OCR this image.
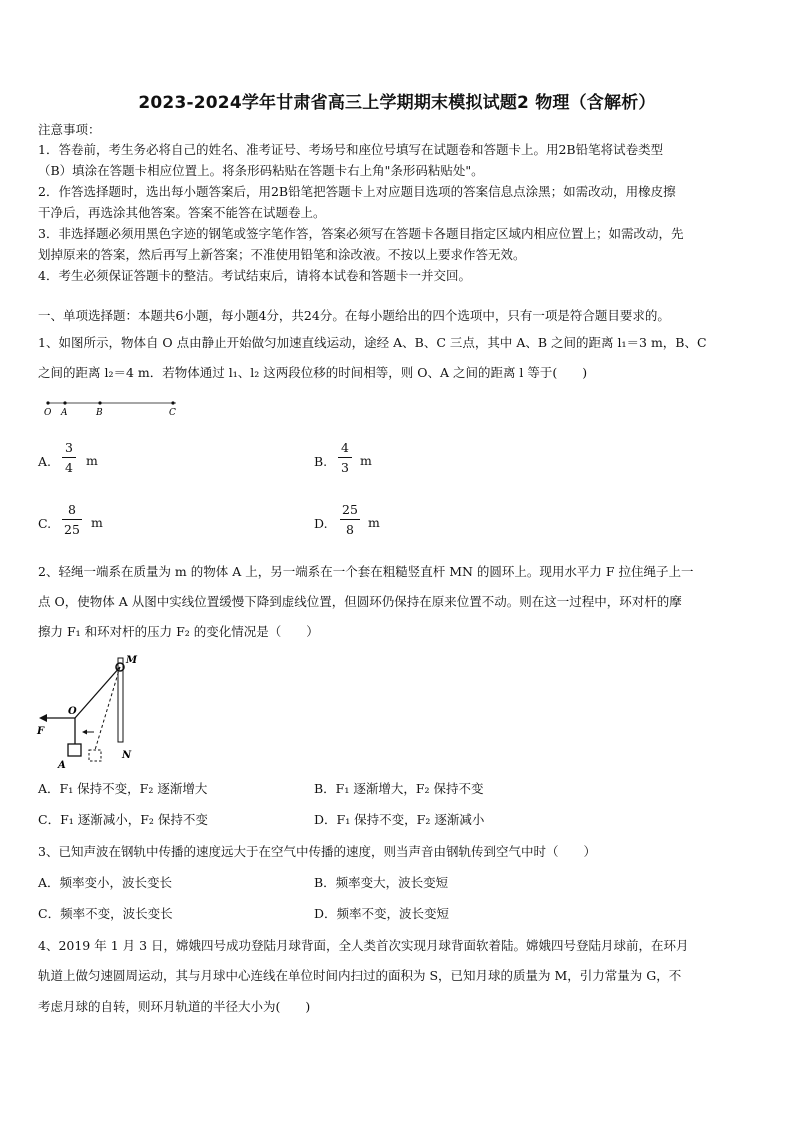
2023-2024学年甘肃省高三上学期期末模拟试题2 物理（含解析）
注意事项：
1．答卷前，考生务必将自己的姓名、准考证号、考场号和座位号填写在试题卷和答题卡上。用2B铅笔将试卷类型
（B）填涂在答题卡相应位置上。将条形码粘贴在答题卡右上角"条形码粘贴处"。
2．作答选择题时，选出每小题答案后，用2B铅笔把答题卡上对应题目选项的答案信息点涂黑；如需改动，用橡皮擦
干净后，再选涂其他答案。答案不能答在试题卷上。
3．非选择题必须用黑色字迹的钢笔或签字笔作答，答案必须写在答题卡各题目指定区域内相应位置上；如需改动，先
划掉原来的答案，然后再写上新答案；不准使用铅笔和涂改液。不按以上要求作答无效。
4．考生必须保证答题卡的整洁。考试结束后，请将本试卷和答题卡一并交回。
一、单项选择题：本题共6小题，每小题4分，共24分。在每小题给出的四个选项中，只有一项是符合题目要求的。
1、如图所示，物体自 O 点由静止开始做匀加速直线运动，途经 A、B、C 三点，其中 A、B 之间的距离 l₁＝3 m，B、C
之间的距离 l₂＝4 m．若物体通过 l₁、l₂ 这两段位移的时间相等，则 O、A 之间的距离 l 等于(　　)
O A	B	C
A.
3
4 m	B.
4
3 m
C.
8
25 m	D.
25
8 m
2、轻绳一端系在质量为 m 的物体 A 上，另一端系在一个套在粗糙竖直杆 MN 的圆环上。现用水平力 F 拉住绳子上一
点 O，使物体 A 从图中实线位置缓慢下降到虚线位置，但圆环仍保持在原来位置不动。则在这一过程中，环对杆的摩
擦力 F₁ 和环对杆的压力 F₂ 的变化情况是（　　）
M
N
O
F
A
A．F₁ 保持不变，F₂ 逐渐增大	B．F₁ 逐渐增大，F₂ 保持不变
C．F₁ 逐渐减小，F₂ 保持不变	D．F₁ 保持不变，F₂ 逐渐减小
3、已知声波在钢轨中传播的速度远大于在空气中传播的速度，则当声音由钢轨传到空气中时（　　）
A．频率变小，波长变长	B．频率变大，波长变短
C．频率不变，波长变长	D．频率不变，波长变短
4、2019 年 1 月 3 日，嫦娥四号成功登陆月球背面，全人类首次实现月球背面软着陆。嫦娥四号登陆月球前，在环月
轨道上做匀速圆周运动，其与月球中心连线在单位时间内扫过的面积为 S，已知月球的质量为 M，引力常量为 G，不
考虑月球的自转，则环月轨道的半径大小为(　　)
